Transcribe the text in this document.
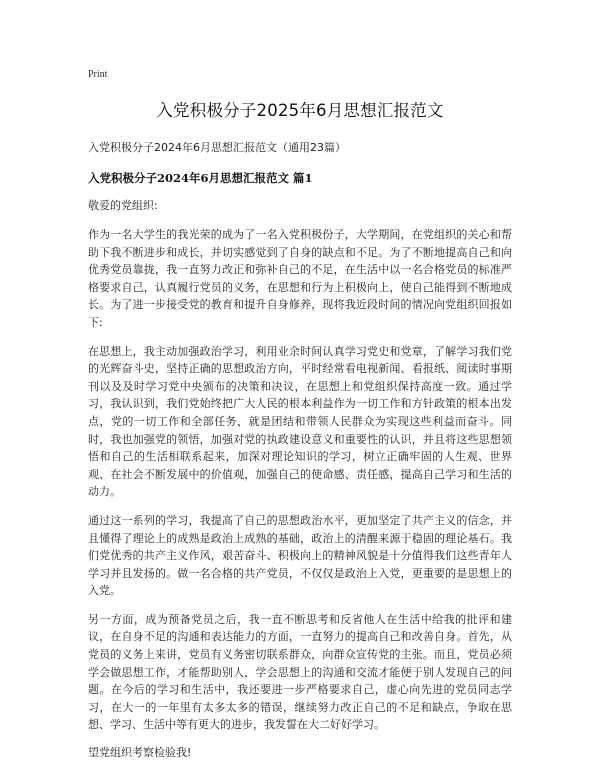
Print
入党积极分子2025年6月思想汇报范文
入党积极分子2024年6月思想汇报范文（通用23篇）
入党积极分子2024年6月思想汇报范文 篇1
敬爱的党组织:

作为一名大学生的我光荣的成为了一名入党积极份子，大学期间，在党组织的关心和帮助下我不断进步和成长，并切实感觉到了自身的缺点和不足。为了不断地提高自己和向优秀党员靠拢，我一直努力改正和弥补自己的不足，在生活中以一名合格党员的标准严格要求自己，认真履行党员的义务，在思想和行为上积极向上，使自己能得到不断地成长。为了进一步接受党的教育和提升自身修养，现将我近段时间的情况向党组织回报如下:

在思想上，我主动加强政治学习，利用业余时间认真学习党史和党章，了解学习我们党的光辉奋斗史，坚持正确的思想政治方向，平时经常看电视新闻、看报纸、阅读时事期刊以及及时学习党中央颁布的决策和决议，在思想上和党组织保持高度一致。通过学习，我认识到，我们党始终把广大人民的根本利益作为一切工作和方针政策的根本出发点，党的一切工作和全部任务，就是团结和带领人民群众为实现这些利益而奋斗。同时，我也加强党的领悟，加强对党的执政建设意义和重要性的认识，并且将这些思想领悟和自己的生活相联系起来，加深对理论知识的学习，树立正确牢固的人生观、世界观、在社会不断发展中的价值观，加强自己的使命感、责任感，提高自己学习和生活的动力。

通过这一系列的学习，我提高了自己的思想政治水平，更加坚定了共产主义的信念，并且懂得了理论上的成熟是政治上成熟的基础，政治上的清醒来源于稳固的理论基石。我们党优秀的共产主义作风，艰苦奋斗、积极向上的精神风貌是十分值得我们这些青年人学习并且发扬的。做一名合格的共产党员，不仅仅是政治上入党，更重要的是思想上的入党。

另一方面，成为预备党员之后，我一直不断思考和反省他人在生活中给我的批评和建议，在自身不足的沟通和表达能力的方面，一直努力的提高自己和改善自身。首先，从党员的义务上来讲，党员有义务密切联系群众，向群众宣传党的主张。而且，党员必须学会做思想工作，才能帮助别人，学会思想上的沟通和交流才能便于别人发现自己的问题。在今后的学习和生活中，我还要进一步严格要求自己，虚心向先进的党员同志学习，在大一的一年里有太多太多的错误，继续努力改正自己的不足和缺点，争取在思想、学习、生活中等有更大的进步，我发誓在大二好好学习。

望党组织考察检验我!
